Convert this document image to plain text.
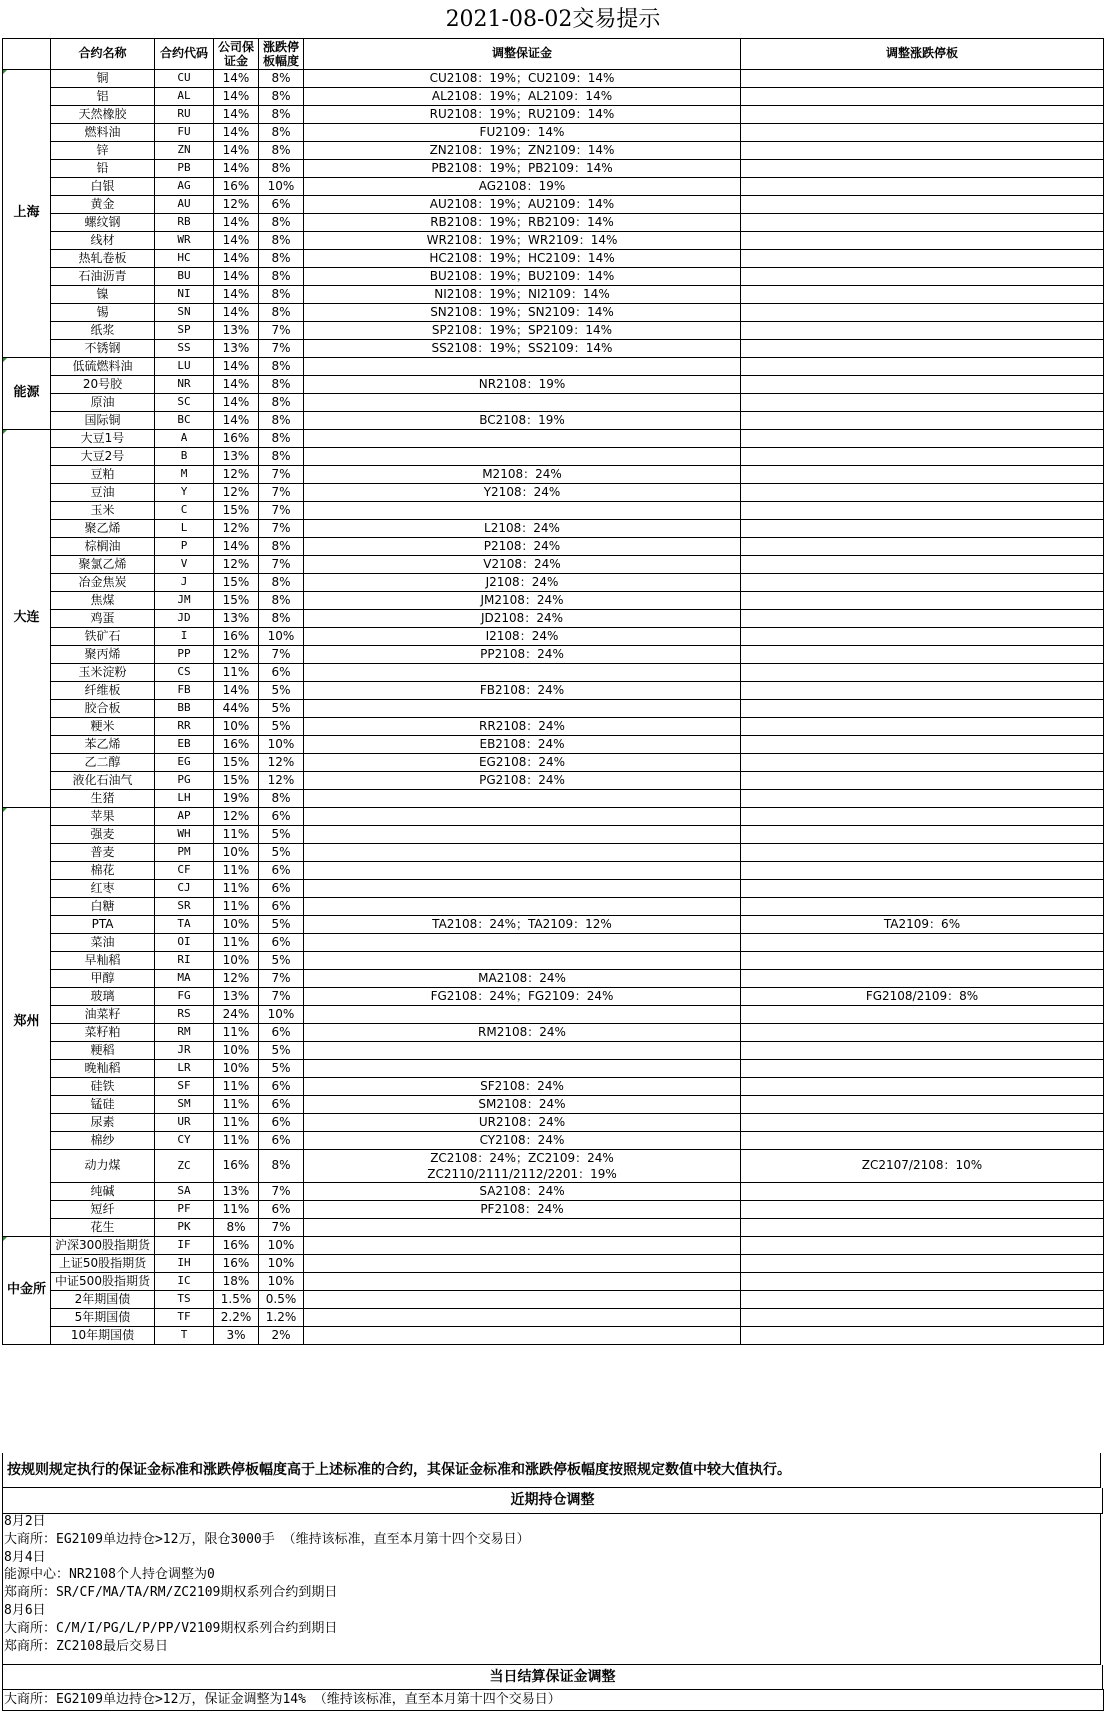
2021-08-02交易提示
	合约名称	合约代码	公司保证金	涨跌停板幅度	调整保证金	调整涨跌停板

上海	铜	CU	14%	8%	CU2108：19%；CU2109：14%	
	铝	AL	14%	8%	AL2108：19%；AL2109：14%	
	天然橡胶	RU	14%	8%	RU2108：19%；RU2109：14%	
	燃料油	FU	14%	8%	FU2109：14%	
	锌	ZN	14%	8%	ZN2108：19%；ZN2109：14%	
	铅	PB	14%	8%	PB2108：19%；PB2109：14%	
	白银	AG	16%	10%	AG2108：19%	
	黄金	AU	12%	6%	AU2108：19%；AU2109：14%	
	螺纹钢	RB	14%	8%	RB2108：19%；RB2109：14%	
	线材	WR	14%	8%	WR2108：19%；WR2109：14%	
	热轧卷板	HC	14%	8%	HC2108：19%；HC2109：14%	
	石油沥青	BU	14%	8%	BU2108：19%；BU2109：14%	
	镍	NI	14%	8%	NI2108：19%；NI2109：14%	
	锡	SN	14%	8%	SN2108：19%；SN2109：14%	
	纸浆	SP	13%	7%	SP2108：19%；SP2109：14%	
	不锈钢	SS	13%	7%	SS2108：19%；SS2109：14%	

能源	低硫燃料油	LU	14%	8%		
	20号胶	NR	14%	8%	NR2108：19%	
	原油	SC	14%	8%		
	国际铜	BC	14%	8%	BC2108：19%	

大连	大豆1号	A	16%	8%		
	大豆2号	B	13%	8%		
	豆粕	M	12%	7%	M2108：24%	
	豆油	Y	12%	7%	Y2108：24%	
	玉米	C	15%	7%		
	聚乙烯	L	12%	7%	L2108：24%	
	棕榈油	P	14%	8%	P2108：24%	
	聚氯乙烯	V	12%	7%	V2108：24%	
	冶金焦炭	J	15%	8%	J2108：24%	
	焦煤	JM	15%	8%	JM2108：24%	
	鸡蛋	JD	13%	8%	JD2108：24%	
	铁矿石	I	16%	10%	I2108：24%	
	聚丙烯	PP	12%	7%	PP2108：24%	
	玉米淀粉	CS	11%	6%		
	纤维板	FB	14%	5%	FB2108：24%	
	胶合板	BB	44%	5%		
	粳米	RR	10%	5%	RR2108：24%	
	苯乙烯	EB	16%	10%	EB2108：24%	
	乙二醇	EG	15%	12%	EG2108：24%	
	液化石油气	PG	15%	12%	PG2108：24%	
	生猪	LH	19%	8%		

郑州	苹果	AP	12%	6%		
	强麦	WH	11%	5%		
	普麦	PM	10%	5%		
	棉花	CF	11%	6%		
	红枣	CJ	11%	6%		
	白糖	SR	11%	6%		
	PTA	TA	10%	5%	TA2108：24%；TA2109：12%	TA2109：6%
	菜油	OI	11%	6%		
	早籼稻	RI	10%	5%		
	甲醇	MA	12%	7%	MA2108：24%	
	玻璃	FG	13%	7%	FG2108：24%；FG2109：24%	FG2108/2109：8%
	油菜籽	RS	24%	10%		
	菜籽粕	RM	11%	6%	RM2108：24%	
	粳稻	JR	10%	5%		
	晚籼稻	LR	10%	5%		
	硅铁	SF	11%	6%	SF2108：24%	
	锰硅	SM	11%	6%	SM2108：24%	
	尿素	UR	11%	6%	UR2108：24%	
	棉纱	CY	11%	6%	CY2108：24%	
	动力煤	ZC	16%	8%	ZC2108：24%；ZC2109：24%
ZC2110/2111/2112/2201：19%	ZC2107/2108：10%
	纯碱	SA	13%	7%	SA2108：24%	
	短纤	PF	11%	6%	PF2108：24%	
	花生	PK	8%	7%		

中金所	沪深300股指期货	IF	16%	10%		
	上证50股指期货	IH	16%	10%		
	中证500股指期货	IC	18%	10%		
	2年期国债	TS	1.5%	0.5%		
	5年期国债	TF	2.2%	1.2%		
	10年期国债	T	3%	2%		
按规则规定执行的保证金标准和涨跌停板幅度高于上述标准的合约，其保证金标准和涨跌停板幅度按照规定数值中较大值执行。
近期持仓调整
8月2日
大商所：EG2109单边持仓>12万，限仓3000手 （维持该标准，直至本月第十四个交易日）
8月4日
能源中心：NR2108个人持仓调整为0
郑商所：SR/CF/MA/TA/RM/ZC2109期权系列合约到期日
8月6日
大商所：C/M/I/PG/L/P/PP/V2109期权系列合约到期日
郑商所：ZC2108最后交易日
当日结算保证金调整
大商所：EG2109单边持仓>12万，保证金调整为14% （维持该标准，直至本月第十四个交易日）
